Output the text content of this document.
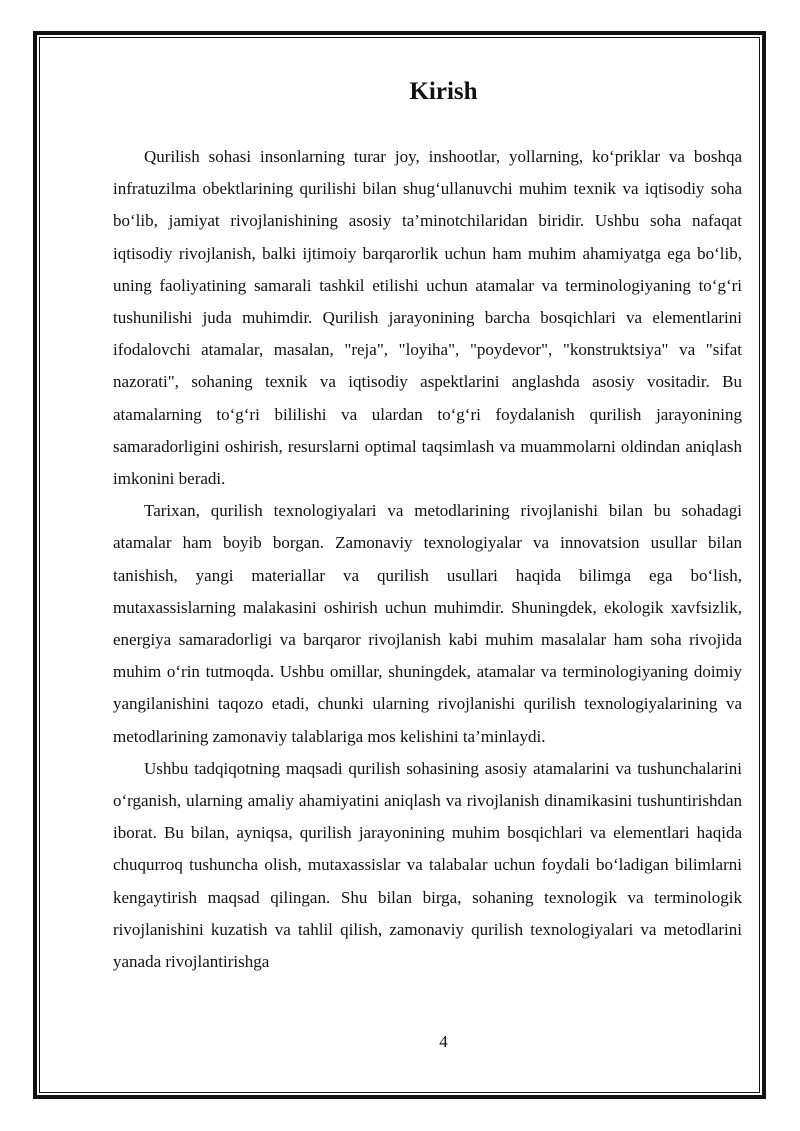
Kirish

Qurilish sohasi insonlarning turar joy, inshootlar, yollarning, ko‘priklar va boshqa infratuzilma obektlarining qurilishi bilan shug‘ullanuvchi muhim texnik va iqtisodiy soha bo‘lib, jamiyat rivojlanishining asosiy ta’minotchilaridan biridir. Ushbu soha nafaqat iqtisodiy rivojlanish, balki ijtimoiy barqarorlik uchun ham muhim ahamiyatga ega bo‘lib, uning faoliyatining samarali tashkil etilishi uchun atamalar va terminologiyaning to‘g‘ri tushunilishi juda muhimdir. Qurilish jarayonining barcha bosqichlari va elementlarini ifodalovchi atamalar, masalan, "reja", "loyiha", "poydevor", "konstruktsiya" va "sifat nazorati", sohaning texnik va iqtisodiy aspektlarini anglashda asosiy vositadir. Bu atamalarning to‘g‘ri bililishi va ulardan to‘g‘ri foydalanish qurilish jarayonining samaradorligini oshirish, resurslarni optimal taqsimlash va muammolarni oldindan aniqlash imkonini beradi.

Tarixan, qurilish texnologiyalari va metodlarining rivojlanishi bilan bu sohadagi atamalar ham boyib borgan. Zamonaviy texnologiyalar va innovatsion usullar bilan tanishish, yangi materiallar va qurilish usullari haqida bilimga ega bo‘lish, mutaxassislarning malakasini oshirish uchun muhimdir. Shuningdek, ekologik xavfsizlik, energiya samaradorligi va barqaror rivojlanish kabi muhim masalalar ham soha rivojida muhim o‘rin tutmoqda. Ushbu omillar, shuningdek, atamalar va terminologiyaning doimiy yangilanishini taqozo etadi, chunki ularning rivojlanishi qurilish texnologiyalarining va metodlarining zamonaviy talablariga mos kelishini ta’minlaydi.

Ushbu tadqiqotning maqsadi qurilish sohasining asosiy atamalarini va tushunchalarini o‘rganish, ularning amaliy ahamiyatini aniqlash va rivojlanish dinamikasini tushuntirishdan iborat. Bu bilan, ayniqsa, qurilish jarayonining muhim bosqichlari va elementlari haqida chuqurroq tushuncha olish, mutaxassislar va talabalar uchun foydali bo‘ladigan bilimlarni kengaytirish maqsad qilingan. Shu bilan birga, sohaning texnologik va terminologik rivojlanishini kuzatish va tahlil qilish, zamonaviy qurilish texnologiyalari va metodlarini yanada rivojlantirishga

4
